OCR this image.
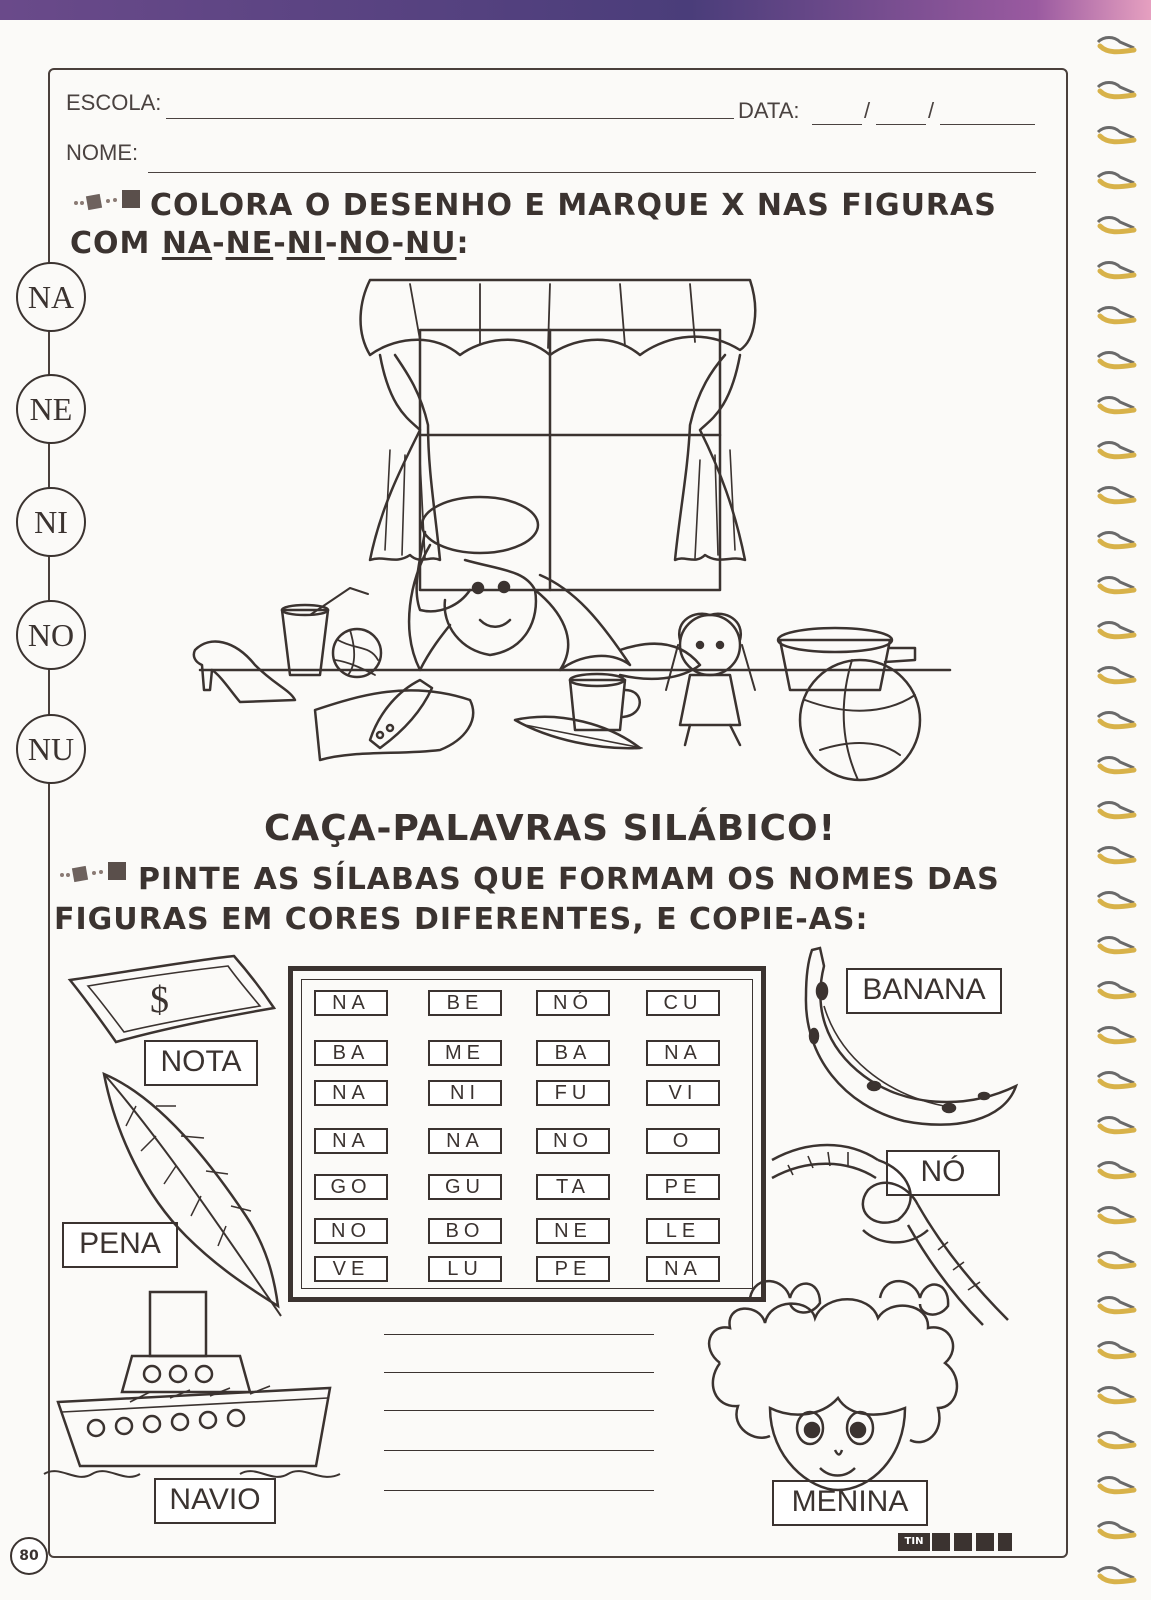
ESCOLA:	DATA:	/	/
NOME:
COLORA O DESENHO E MARQUE X NAS FIGURAS
COM NA-NE-NI-NO-NU:
NA
NE
NI
NO
NU
CAÇA-PALAVRAS SILÁBICO!
PINTE AS SÍLABAS QUE FORMAM OS NOMES DAS
FIGURAS EM CORES DIFERENTES, E COPIE-AS:
NA	BE	NÓ	CU
BA	ME	BA	NA
NA	NI	FU	VI
NA	NA	NO	O
GO	GU	TA	PE
NO	BO	NE	LE
VE	LU	PE	NA
NOTA
BANANA
NÓ
PENA
NAVIO	MENINA
$
80
TIN
